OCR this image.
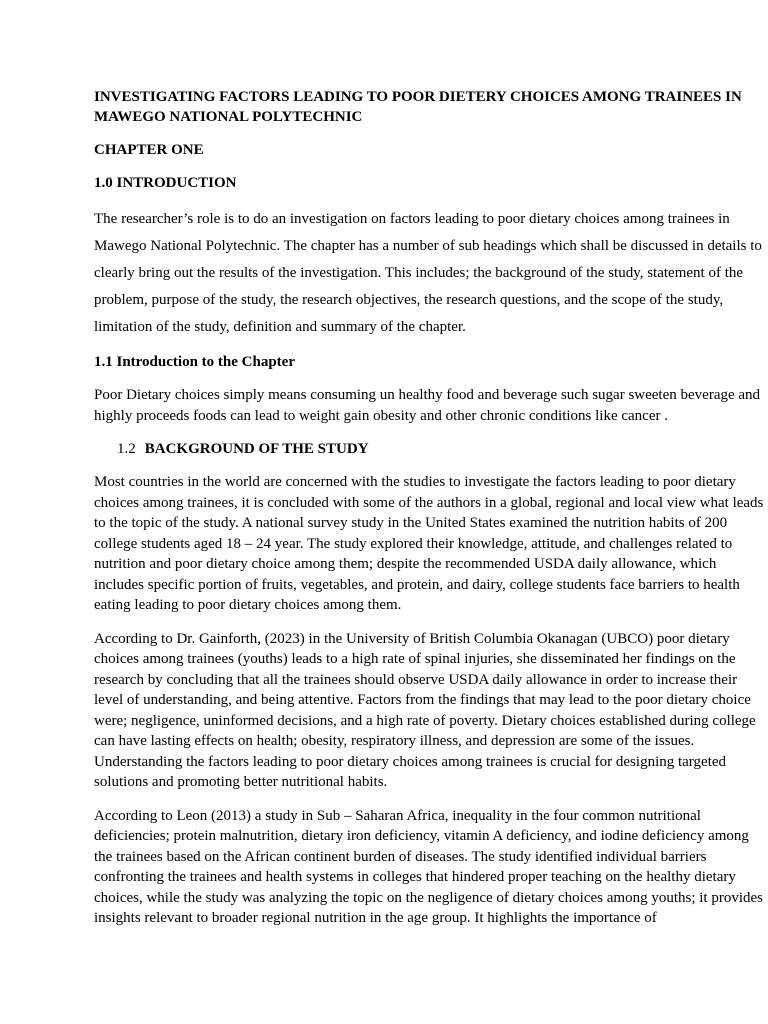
INVESTIGATING FACTORS LEADING TO POOR DIETERY CHOICES AMONG TRAINEES IN MAWEGO NATIONAL POLYTECHNIC
CHAPTER ONE
1.0 INTRODUCTION
The researcher’s role is to do an investigation on factors leading to poor dietary choices among trainees in Mawego National Polytechnic. The chapter has a number of sub headings which shall be discussed in details to clearly bring out the results of the investigation. This includes; the background of the study, statement of the problem, purpose of the study, the research objectives, the research questions, and the scope of the study, limitation of the study, definition and summary of the chapter.
1.1 Introduction to the Chapter
Poor Dietary choices simply means consuming un healthy food and beverage such sugar sweeten beverage and highly proceeds foods can lead to weight gain obesity and other chronic conditions like cancer .
1.2 BACKGROUND OF THE STUDY
Most countries in the world are concerned with the studies to investigate the factors leading to poor dietary choices among trainees, it is concluded with some of the authors in a global, regional and local view what leads to the topic of the study. A national survey study in the United States examined the nutrition habits of 200 college students aged 18 – 24 year. The study explored their knowledge, attitude, and challenges related to nutrition and poor dietary choice among them; despite the recommended USDA daily allowance, which includes specific portion of fruits, vegetables, and protein, and dairy, college students face barriers to health eating leading to poor dietary choices among them.
According to Dr. Gainforth, (2023) in the University of British Columbia Okanagan (UBCO) poor dietary choices among trainees (youths) leads to a high rate of spinal injuries, she disseminated her findings on the research by concluding that all the trainees should observe USDA daily allowance in order to increase their level of understanding, and being attentive. Factors from the findings that may lead to the poor dietary choice were; negligence, uninformed decisions, and a high rate of poverty. Dietary choices established during college can have lasting effects on health; obesity, respiratory illness, and depression are some of the issues. Understanding the factors leading to poor dietary choices among trainees is crucial for designing targeted solutions and promoting better nutritional habits.
According to Leon (2013) a study in Sub – Saharan Africa, inequality in the four common nutritional deficiencies; protein malnutrition, dietary iron deficiency, vitamin A deficiency, and iodine deficiency among the trainees based on the African continent burden of diseases. The study identified individual barriers confronting the trainees and health systems in colleges that hindered proper teaching on the healthy dietary choices, while the study was analyzing the topic on the negligence of dietary choices among youths; it provides insights relevant to broader regional nutrition in the age group. It highlights the importance of
